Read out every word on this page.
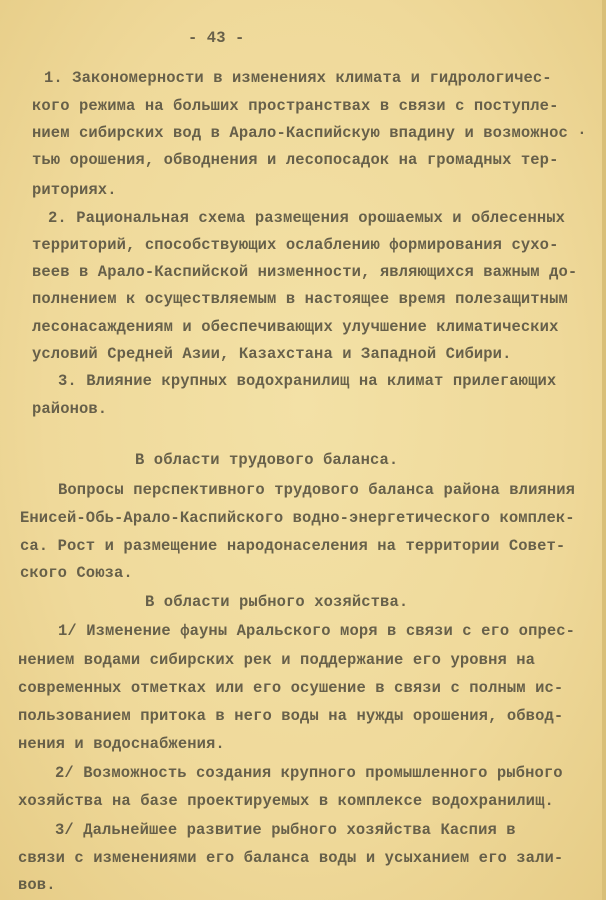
- 43 -
1. Закономерности в изменениях климата и гидрологичес-
кого режима на больших пространствах в связи с поступле-
нием сибирских вод в Арало-Каспийскую впадину и возможнос ·
тью орошения, обводнения и лесопосадок на громадных тер-
риториях.
2. Рациональная схема размещения орошаемых и облесенных
территорий, способствующих ослаблению формирования сухо-
веев в Арало-Каспийской низменности, являющихся важным до-
полнением к осуществляемым в настоящее время полезащитным
лесонасаждениям и обеспечивающих улучшение климатических
условий Средней Азии, Казахстана и Западной Сибири.
3. Влияние крупных водохранилищ на климат прилегающих
районов.
В области трудового баланса.
Вопросы перспективного трудового баланса района влияния
Енисей-Обь-Арало-Каспийского водно-энергетического комплек-
са. Рост и размещение народонаселения на территории Совет-
ского Союза.
В области рыбного хозяйства.
1/ Изменение фауны Аральского моря в связи с его опрес-
нением водами сибирских рек и поддержание его уровня на
современных отметках или его осушение в связи с полным ис-
пользованием притока в него воды на нужды орошения, обвод-
нения и водоснабжения.
2/ Возможность создания крупного промышленного рыбного
хозяйства на базе проектируемых в комплексе водохранилищ.
3/ Дальнейшее развитие рыбного хозяйства Каспия в
связи с изменениями его баланса воды и усыханием его зали-
вов.
